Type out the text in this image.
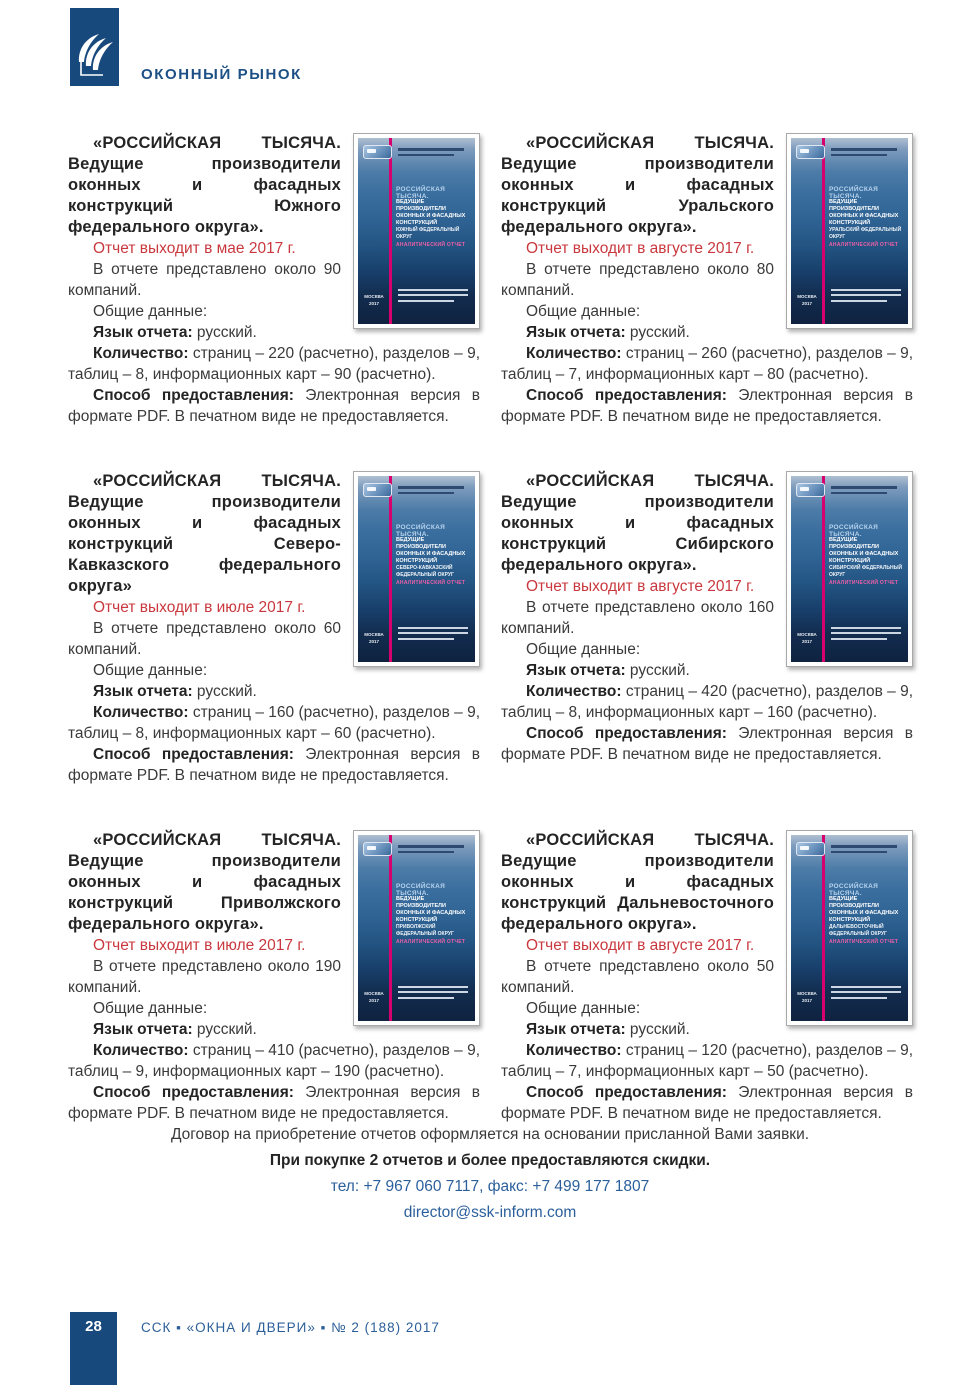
ОКОННЫЙ РЫНОК
РОССИЙСКАЯ ТЫСЯЧА.
ВЕДУЩИЕ ПРОИЗВОДИТЕЛИ ОКОННЫХ И ФАСАДНЫХ КОНСТРУКЦИЙ
ЮЖНЫЙ ФЕДЕРАЛЬНЫЙ ОКРУГ
АНАЛИТИЧЕСКИЙ ОТЧЕТ
МОСКВА 2017

«РОССИЙСКАЯ ТЫСЯЧА. Ведущие производители оконных и фасадных конструкций Южного федерального округа».

Отчет выходит в мае 2017 г.

В отчете представлено около 90 компаний.

Общие данные:

Язык отчета: русский.

Количество: страниц – 220 (расчетно), разделов – 9, таблиц – 8, информационных карт – 90 (расчетно).

Способ предоставления: Электронная версия в формате PDF. В печатном виде не предоставляется.

РОССИЙСКАЯ ТЫСЯЧА.
ВЕДУЩИЕ ПРОИЗВОДИТЕЛИ ОКОННЫХ И ФАСАДНЫХ КОНСТРУКЦИЙ
УРАЛЬСКИЙ ФЕДЕРАЛЬНЫЙ ОКРУГ
АНАЛИТИЧЕСКИЙ ОТЧЕТ
МОСКВА 2017

«РОССИЙСКАЯ ТЫСЯЧА. Ведущие производители оконных и фасадных конструкций Уральского федерального округа».

Отчет выходит в августе 2017 г.

В отчете представлено около 80 компаний.

Общие данные:

Язык отчета: русский.

Количество: страниц – 260 (расчетно), разделов – 9, таблиц – 7, информационных карт – 80 (расчетно).

Способ предоставления: Электронная версия в формате PDF. В печатном виде не предоставляется.

РОССИЙСКАЯ ТЫСЯЧА.
ВЕДУЩИЕ ПРОИЗВОДИТЕЛИ ОКОННЫХ И ФАСАДНЫХ КОНСТРУКЦИЙ
СЕВЕРО-КАВКАЗСКИЙ ФЕДЕРАЛЬНЫЙ ОКРУГ
АНАЛИТИЧЕСКИЙ ОТЧЕТ
МОСКВА 2017

«РОССИЙСКАЯ ТЫСЯЧА. Ведущие производители оконных и фасадных конструкций Северо-Кавказского федерального округа»

Отчет выходит в июле 2017 г.

В отчете представлено около 60 компаний.

Общие данные:

Язык отчета: русский.

Количество: страниц – 160 (расчетно), разделов – 9, таблиц – 8, информационных карт – 60 (расчетно).

Способ предоставления: Электронная версия в формате PDF. В печатном виде не предоставляется.

РОССИЙСКАЯ ТЫСЯЧА.
ВЕДУЩИЕ ПРОИЗВОДИТЕЛИ ОКОННЫХ И ФАСАДНЫХ КОНСТРУКЦИЙ
СИБИРСКИЙ ФЕДЕРАЛЬНЫЙ ОКРУГ
АНАЛИТИЧЕСКИЙ ОТЧЕТ
МОСКВА 2017

«РОССИЙСКАЯ ТЫСЯЧА. Ведущие производители оконных и фасадных конструкций Сибирского федерального округа».

Отчет выходит в августе 2017 г.

В отчете представлено около 160 компаний.

Общие данные:

Язык отчета: русский.

Количество: страниц – 420 (расчетно), разделов – 9, таблиц – 8, информационных карт – 160 (расчетно).

Способ предоставления: Электронная версия в формате PDF. В печатном виде не предоставляется.

РОССИЙСКАЯ ТЫСЯЧА.
ВЕДУЩИЕ ПРОИЗВОДИТЕЛИ ОКОННЫХ И ФАСАДНЫХ КОНСТРУКЦИЙ
ПРИВОЛЖСКИЙ ФЕДЕРАЛЬНЫЙ ОКРУГ
АНАЛИТИЧЕСКИЙ ОТЧЕТ
МОСКВА 2017

«РОССИЙСКАЯ ТЫСЯЧА. Ведущие производители оконных и фасадных конструкций Приволжского федерального округа».

Отчет выходит в июле 2017 г.

В отчете представлено около 190 компаний.

Общие данные:

Язык отчета: русский.

Количество: страниц – 410 (расчетно), разделов – 9, таблиц – 9, информационных карт – 190 (расчетно).

Способ предоставления: Электронная версия в формате PDF. В печатном виде не предоставляется.

РОССИЙСКАЯ ТЫСЯЧА.
ВЕДУЩИЕ ПРОИЗВОДИТЕЛИ ОКОННЫХ И ФАСАДНЫХ КОНСТРУКЦИЙ
ДАЛЬНЕВОСТОЧНЫЙ ФЕДЕРАЛЬНЫЙ ОКРУГ
АНАЛИТИЧЕСКИЙ ОТЧЕТ
МОСКВА 2017

«РОССИЙСКАЯ ТЫСЯЧА. Ведущие производители оконных и фасадных конструкций Дальневосточного федерального округа».

Отчет выходит в августе 2017 г.

В отчете представлено около 50 компаний.

Общие данные:

Язык отчета: русский.

Количество: страниц – 120 (расчетно), разделов – 9, таблиц – 7, информационных карт – 50 (расчетно).

Способ предоставления: Электронная версия в формате PDF. В печатном виде не предоставляется.

Договор на приобретение отчетов оформляется на основании присланной Вами заявки.
При покупке 2 отчетов и более предоставляются скидки.
тел: +7 967 060 7117, факс: +7 499 177 1807
director@ssk-inform.com
28	ССК ▪ «ОКНА И ДВЕРИ» ▪ № 2 (188) 2017
